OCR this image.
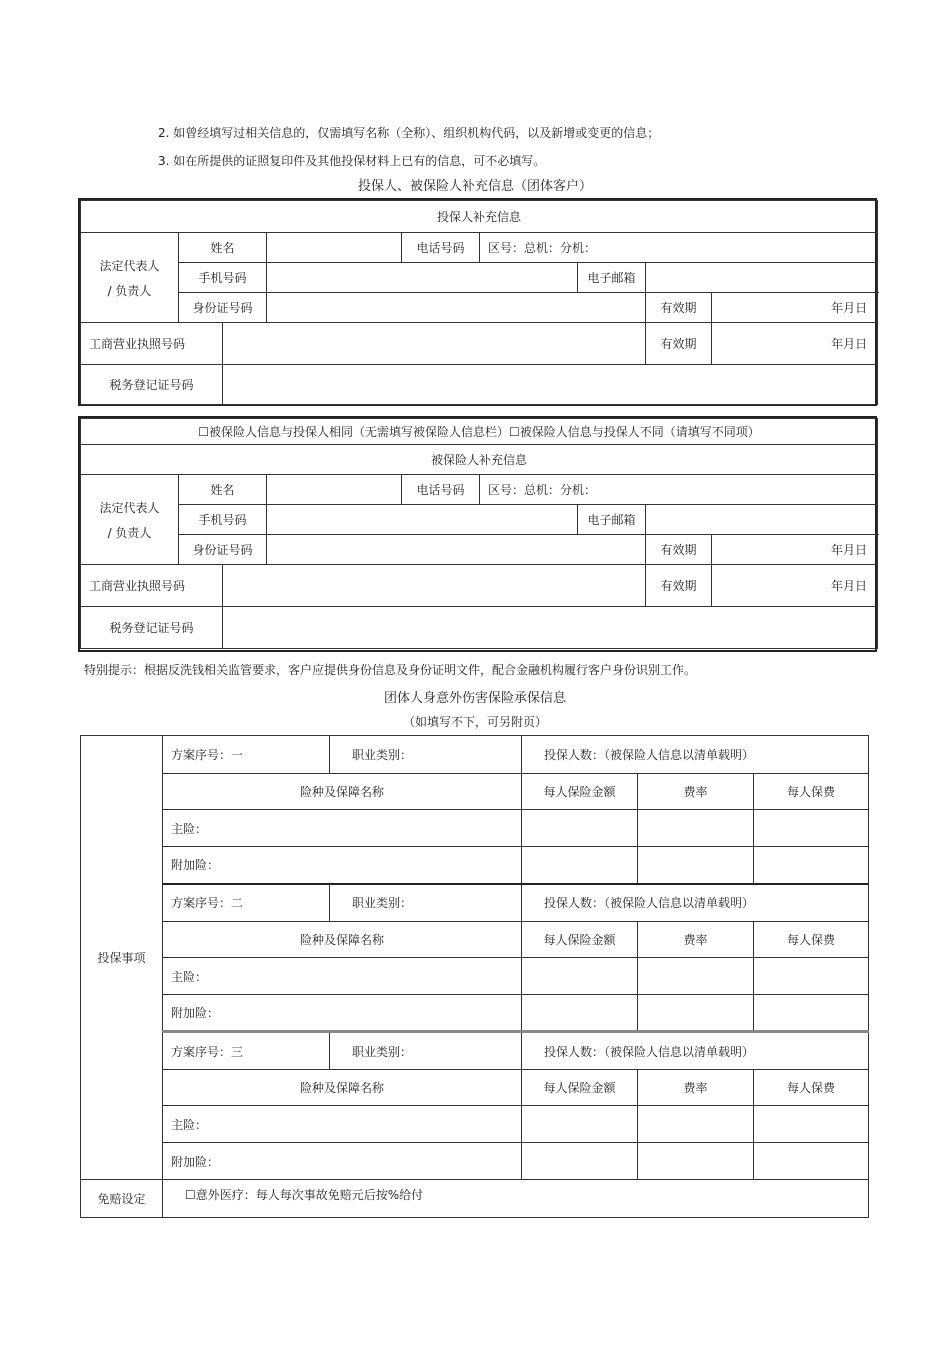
2. 如曾经填写过相关信息的，仅需填写名称（全称）、组织机构代码，以及新增或变更的信息；
3. 如在所提供的证照复印件及其他投保材料上已有的信息，可不必填写。
投保人、被保险人补充信息（团体客户）
投保人补充信息

法定代表人
/ 负责人
	姓名		电话号码	区号：总机：分机：
手机号码													电子邮箱	
身份证号码																			有效期	年月日
工商营业执照号码		有效期	年月日
税务登记证号码	
☐被保险人信息与投保人相同（无需填写被保险人信息栏）☐被保险人信息与投保人不同（请填写不同项）
被保险人补充信息

法定代表人
/ 负责人
	姓名		电话号码	区号：总机：分机：
手机号码													电子邮箱	
身份证号码																			有效期	年月日
工商营业执照号码		有效期	年月日
税务登记证号码	
特别提示：根据反洗钱相关监管要求，客户应提供身份信息及身份证明文件，配合金融机构履行客户身份识别工作。
团体人身意外伤害保险承保信息
（如填写不下，可另附页）
投保事项	方案序号：一	职业类别：	投保人数：（被保险人信息以清单载明）		
	险种及保障名称		每人保险金额	费率	每人保费
	主险：				
	附加险：				
	方案序号：二	职业类别：	投保人数：（被保险人信息以清单载明）		
	险种及保障名称		每人保险金额	费率	每人保费
	主险：				
	附加险：				
	方案序号：三	职业类别：	投保人数：（被保险人信息以清单载明）		
	险种及保障名称		每人保险金额	费率	每人保费
	主险：				
	附加险：				
免赔设定	☐意外医疗：每人每次事故免赔元后按%给付				
